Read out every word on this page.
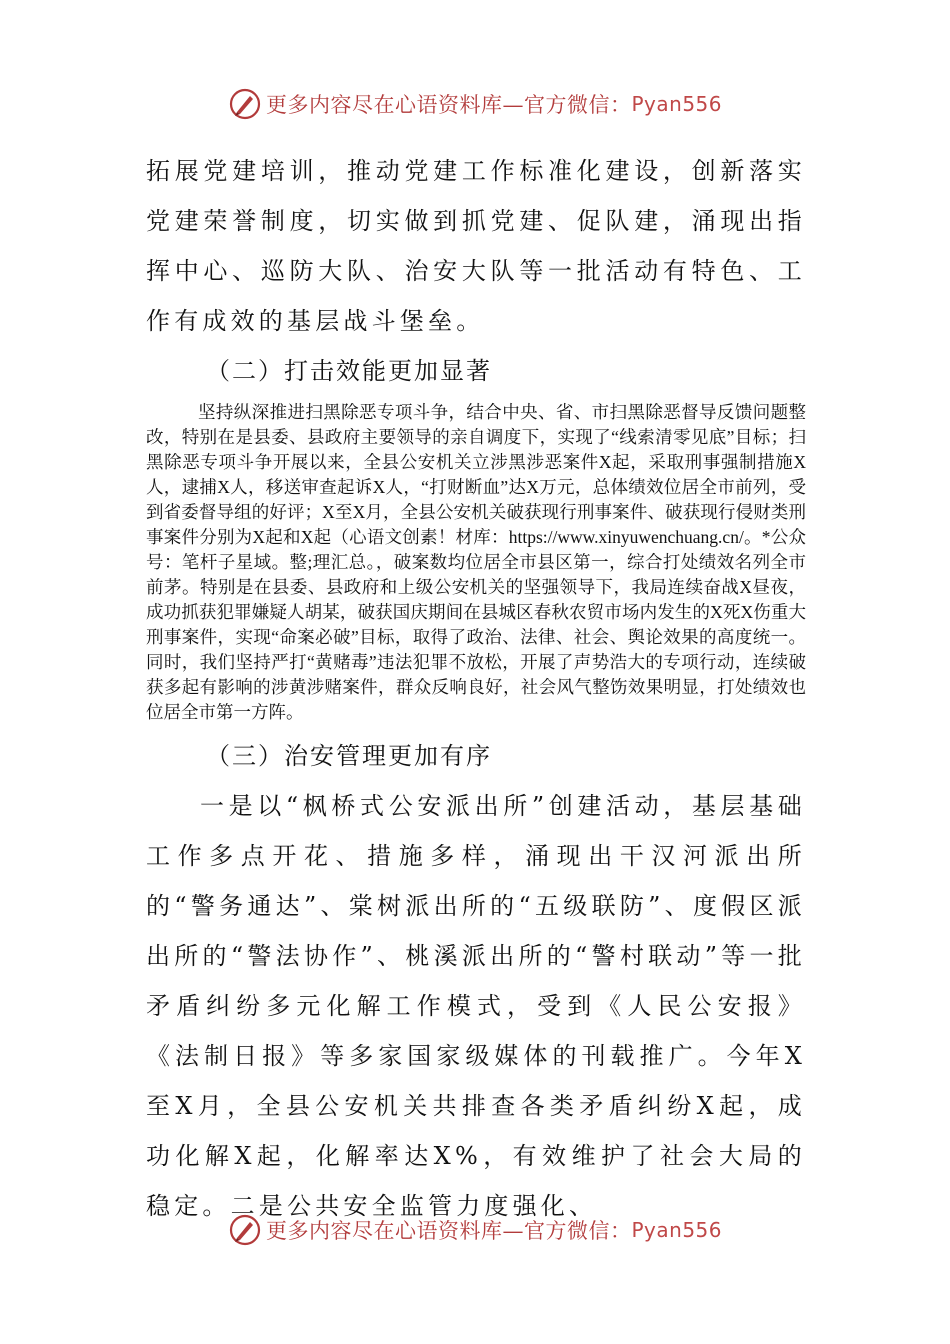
更多内容尽在心语资料库—官方微信： Pyan556

拓展党建培训，推动党建工作标准化建设，创新落实党建荣誉制度，切实做到抓党建、促队建，涌现出指挥中心、巡防大队、治安大队等一批活动有特色、工作有成效的基层战斗堡垒。

（二）打击效能更加显著

坚持纵深推进扫黑除恶专项斗争，结合中央、省、市扫黑除恶督导反馈问题整改，特别在是县委、县政府主要领导的亲自调度下，实现了“线索清零见底”目标；扫黑除恶专项斗争开展以来，全县公安机关立涉黑涉恶案件X起，采取刑事强制措施X人，逮捕X人，移送审查起诉X人，“打财断血”达X万元，总体绩效位居全市前列，受到省委督导组的好评；X至X月，全县公安机关破获现行刑事案件、破获现行侵财类刑事案件分别为X起和X起（心语文创素！材库：https://www.xinyuwenchuang.cn/。*公众号：笔杆子星域。整;理汇总。，破案数均位居全市县区第一，综合打处绩效名列全市前茅。特别是在县委、县政府和上级公安机关的坚强领导下，我局连续奋战X昼夜，成功抓获犯罪嫌疑人胡某，破获国庆期间在县城区春秋农贸市场内发生的X死X伤重大刑事案件，实现“命案必破”目标，取得了政治、法律、社会、舆论效果的高度统一。同时，我们坚持严打“黄赌毒”违法犯罪不放松，开展了声势浩大的专项行动，连续破获多起有影响的涉黄涉赌案件，群众反响良好，社会风气整饬效果明显，打处绩效也位居全市第一方阵。

（三）治安管理更加有序

一是以“枫桥式公安派出所”创建活动，基层基础工作多点开花、措施多样，涌现出干汉河派出所的“警务通达”、棠树派出所的“五级联防”、度假区派出所的“警法协作”、桃溪派出所的“警村联动”等一批矛盾纠纷多元化解工作模式，受到《人民公安报》《法制日报》等多家国家级媒体的刊载推广。今年X至X月，全县公安机关共排查各类矛盾纠纷X起，成功化解X起，化解率达X%，有效维护了社会大局的稳定。二是公共安全监管力度强化、

更多内容尽在心语资料库—官方微信： Pyan556
